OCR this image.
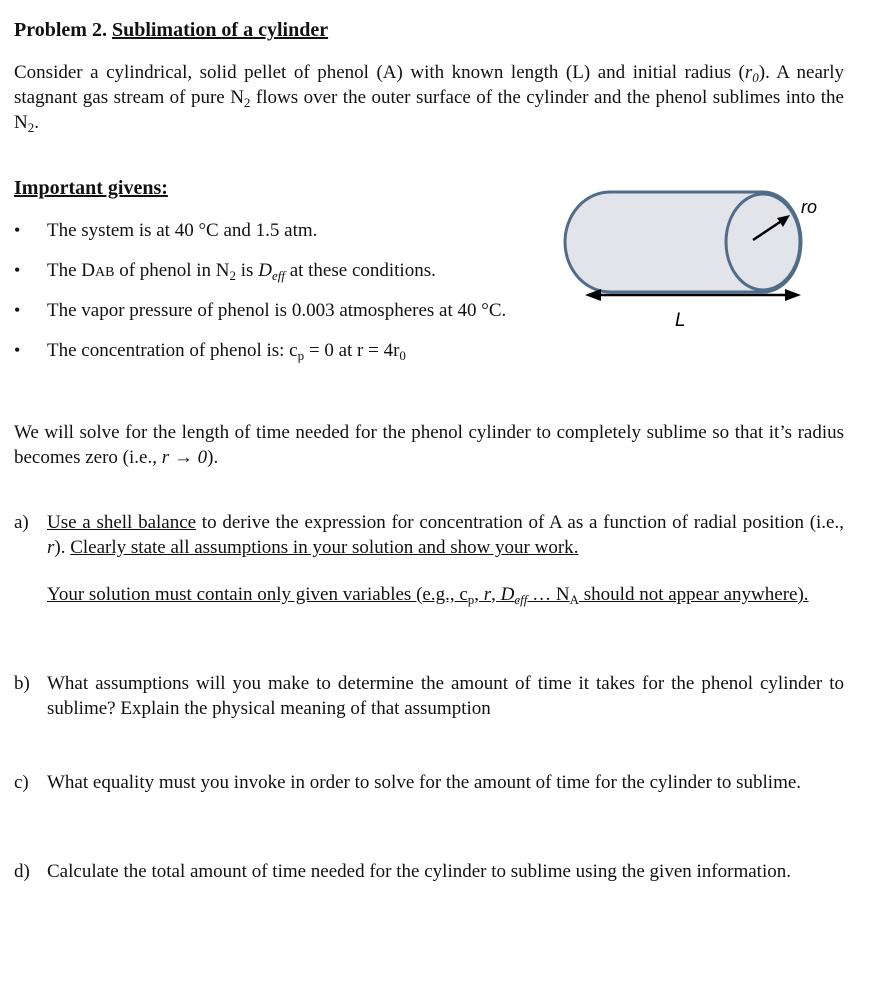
Problem 2. Sublimation of a cylinder
Consider a cylindrical, solid pellet of phenol (A) with known length (L) and initial radius $(r_0)$. A nearly stagnant gas stream of pure $N_2$ flows over the outer surface of the cylinder and the phenol sublimes into the $N_2$.
Important givens:
• The system is at 40 °C and 1.5 atm.
• The DAB of phenol in $N_2$ is $D_{eff}$ at these conditions.
• The vapor pressure of phenol is 0.003 atmospheres at 40 °C.
• The concentration of phenol is: $c_p = 0$ at $r = 4r_0$
ro
L
We will solve for the length of time needed for the phenol cylinder to completely sublime so that it’s radius becomes zero (i.e., r → 0).
a) Use a shell balance to derive the expression for concentration of A as a function of radial position (i.e., r). Clearly state all assumptions in your solution and show your work.
Your solution must contain only given variables (e.g., $c_p$, r, $D_{eff}$ … $N_A$ should not appear anywhere).
b) What assumptions will you make to determine the amount of time it takes for the phenol cylinder to sublime? Explain the physical meaning of that assumption
c) What equality must you invoke in order to solve for the amount of time for the cylinder to sublime.
d) Calculate the total amount of time needed for the cylinder to sublime using the given information.
